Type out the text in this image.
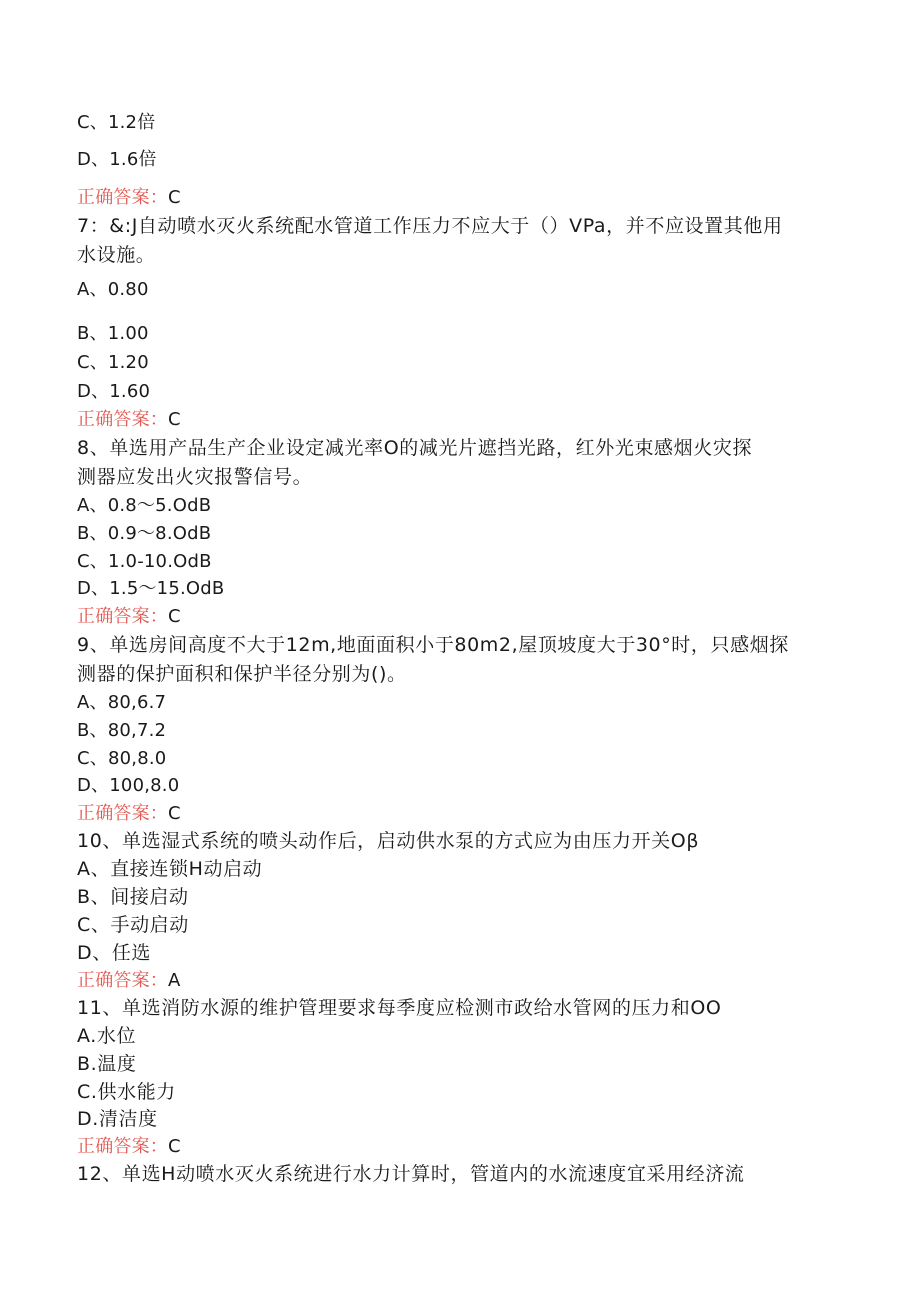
C、1.2倍
D、1.6倍
正确答案：C
7：&:J自动喷水灭火系统配水管道工作压力不应大于（）VPa，并不应设置其他用
水设施。
A、0.80
B、1.00
C、1.20
D、1.60
正确答案：C
8、单选用产品生产企业设定减光率O的减光片遮挡光路，红外光束感烟火灾探
测器应发出火灾报警信号。
A、0.8～5.OdB
B、0.9～8.OdB
C、1.0-10.OdB
D、1.5～15.OdB
正确答案：C
9、单选房间高度不大于12m,地面面积小于80m2,屋顶坡度大于30°时，只感烟探
测器的保护面积和保护半径分别为()。
A、80,6.7
B、80,7.2
C、80,8.0
D、100,8.0
正确答案：C
10、单选湿式系统的喷头动作后，启动供水泵的方式应为由压力开关Oβ
A、直接连锁H动启动
B、间接启动
C、手动启动
D、任选
正确答案：A
11、单选消防水源的维护管理要求每季度应检测市政给水管网的压力和OO
A.水位
B.温度
C.供水能力
D.清洁度
正确答案：C
12、单选H动喷水灭火系统进行水力计算时，管道内的水流速度宜采用经济流
